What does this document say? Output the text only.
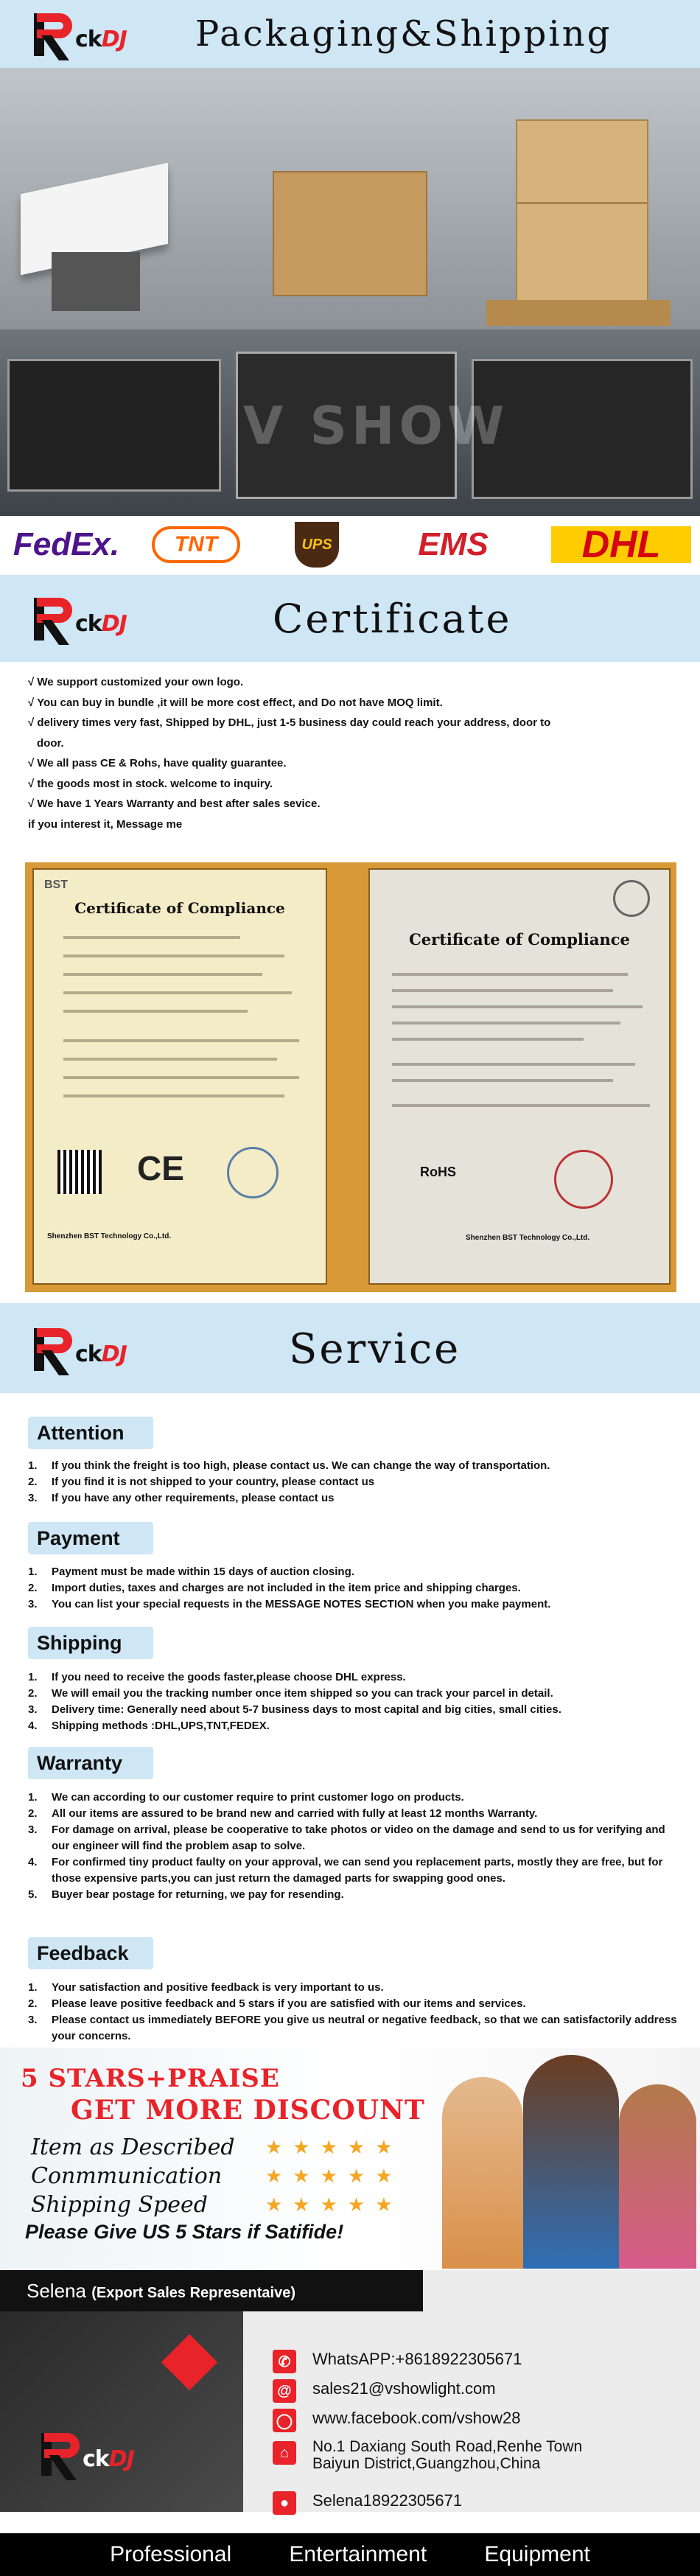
ckDJ Packaging&Shipping
V SHOW
FedEx.	TNT	UPS	EMS	DHL
ckDJ	Certificate
√ We support customized your own logo.
√ You can buy in bundle ,it will be more cost effect, and Do not have MOQ limit.
√ delivery times very fast, Shipped by DHL, just 1-5 business day could reach your address, door to
door.
√ We all pass CE & Rohs, have quality guarantee.
√ the goods most in stock. welcome to inquiry.
√ We have 1 Years Warranty and best after sales sevice.
if you interest it, Message me
BST
Certificate of Compliance
CE
Shenzhen BST Technology Co.,Ltd.
Certificate of Compliance
RoHS
Shenzhen BST Technology Co.,Ltd.
ckDJ	Service
Attention
1.	If you think the freight is too high, please contact us. We can change the way of transportation.
2.	If you find it is not shipped to your country, please contact us
3.	If you have any other requirements, please contact us
Payment
1.	Payment must be made within 15 days of auction closing.
2.	Import duties, taxes and charges are not included in the item price and shipping charges.
3.	You can list your special requests in the MESSAGE NOTES SECTION when you make payment.
Shipping
1.	If you need to receive the goods faster,please choose DHL express.
2.	We will email you the tracking number once item shipped so you can track your parcel in detail.
3.	Delivery time: Generally need about 5-7 business days to most capital and big cities, small cities.
4.	Shipping methods :DHL,UPS,TNT,FEDEX.
Warranty
1.	We can according to our customer require to print customer logo on products.
2.	All our items are assured to be brand new and carried with fully at least 12 months Warranty.
3.	For damage on arrival, please be cooperative to take photos or video on the damage and send to us for verifying and our engineer will find the problem asap to solve.
4.	For confirmed tiny product faulty on your approval, we can send you replacement parts, mostly they are free, but for those expensive parts,you can just return the damaged parts for swapping good ones.
5.	Buyer bear postage for returning, we pay for resending.
Feedback
1.	Your satisfaction and positive feedback is very important to us.
2.	Please leave positive feedback and 5 stars if you are satisfied with our items and services.
3.	Please contact us immediately BEFORE you give us neutral or negative feedback, so that we can satisfactorily address your concerns.
5 STARS+PRAISE
GET MORE DISCOUNT
Item as Described ★★★★★
Conmmunication ★★★★★
Shipping Speed	★★★★★
Please Give US 5 Stars if Satifide!
ckDJ
Selena (Export Sales Representaive)
✆	WhatsAPP:+8618922305671
@ sales21@vshowlight.com
◯ www.facebook.com/vshow28
⌂	No.1 Daxiang South Road,Renhe Town
Baiyun District,Guangzhou,China
●	Selena18922305671
Professional	Entertainment	Equipment
